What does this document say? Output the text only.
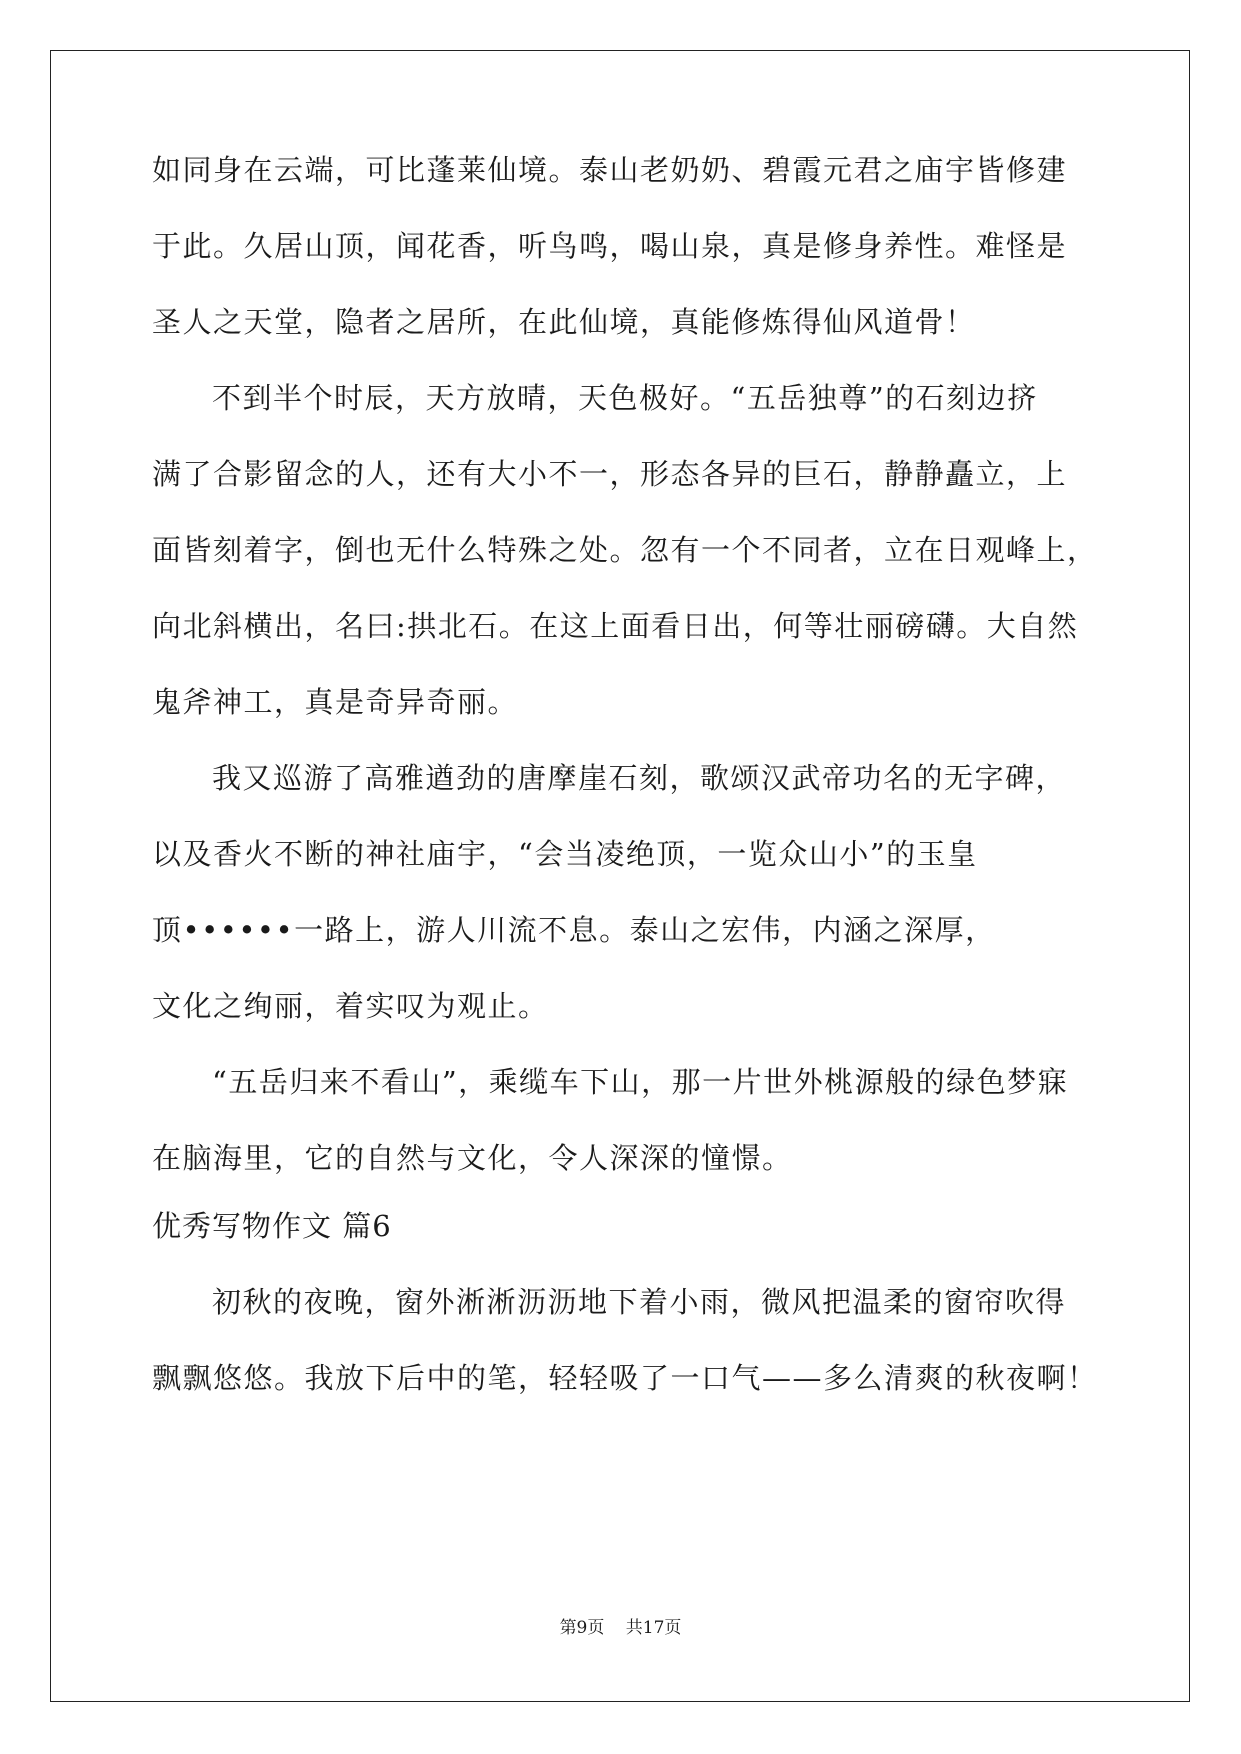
如同身在云端，可比蓬莱仙境。泰山老奶奶、碧霞元君之庙宇皆修建
于此。久居山顶，闻花香，听鸟鸣，喝山泉，真是修身养性。难怪是
圣人之天堂，隐者之居所，在此仙境，真能修炼得仙风道骨！
不到半个时辰，天方放晴，天色极好。“五岳独尊”的石刻边挤
满了合影留念的人，还有大小不一，形态各异的巨石，静静矗立，上
面皆刻着字，倒也无什么特殊之处。忽有一个不同者，立在日观峰上，
向北斜横出，名曰:拱北石。在这上面看日出，何等壮丽磅礴。大自然
鬼斧神工，真是奇异奇丽。
我又巡游了高雅遒劲的唐摩崖石刻，歌颂汉武帝功名的无字碑，
以及香火不断的神社庙宇，“会当凌绝顶，一览众山小”的玉皇
顶••••••一路上，游人川流不息。泰山之宏伟，内涵之深厚，
文化之绚丽，着实叹为观止。
“五岳归来不看山”，乘缆车下山，那一片世外桃源般的绿色梦寐
在脑海里，它的自然与文化，令人深深的憧憬。
优秀写物作文 篇6
初秋的夜晚，窗外淅淅沥沥地下着小雨，微风把温柔的窗帘吹得
飘飘悠悠。我放下后中的笔，轻轻吸了一口气——多么清爽的秋夜啊！
第9页 共17页
